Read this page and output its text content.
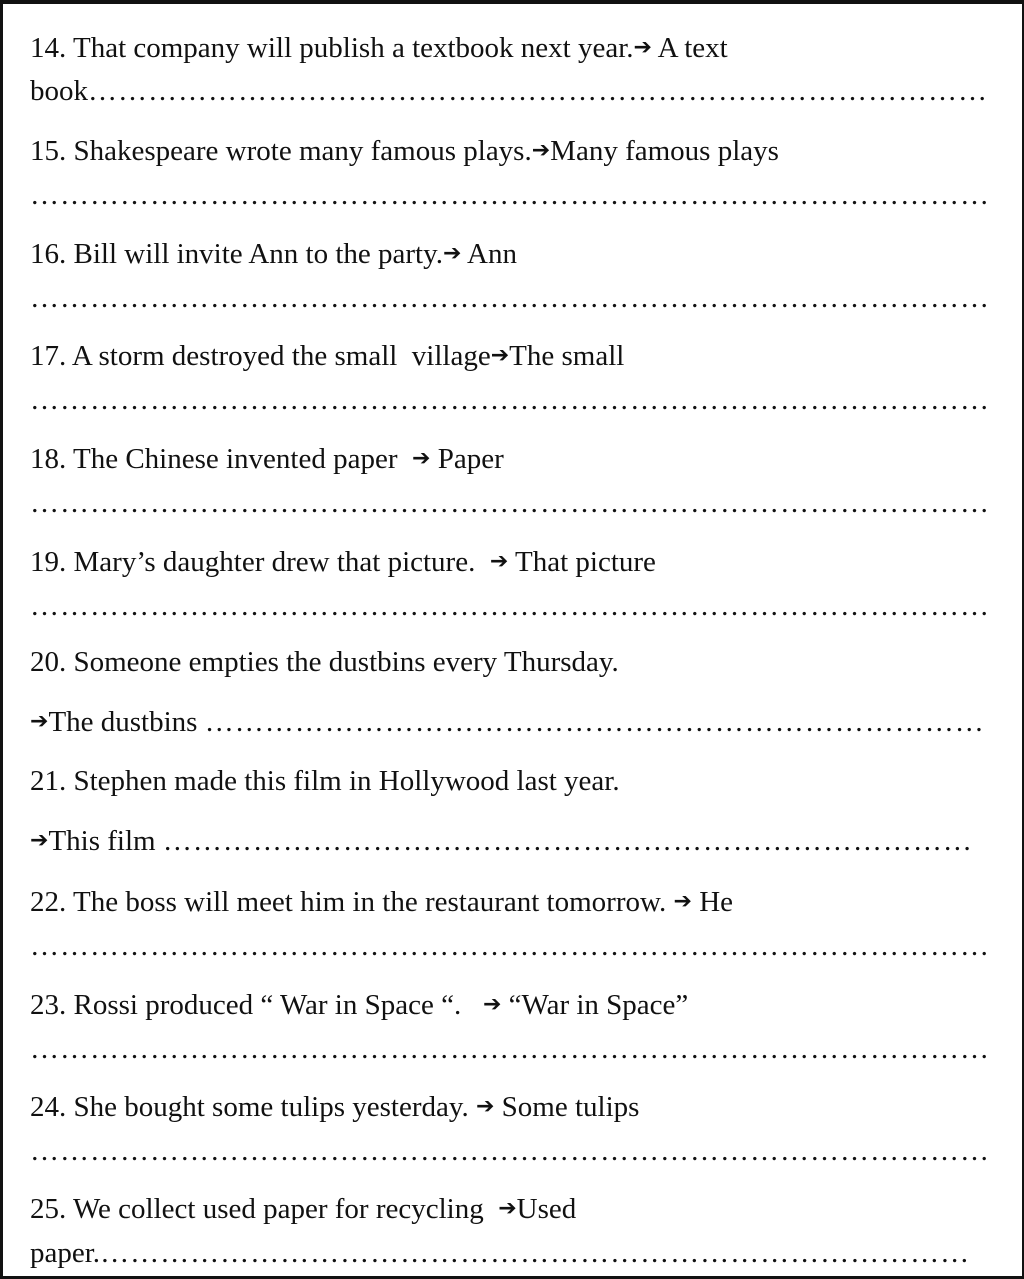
14. That company will publish a textbook next year.➔ A text
book………………………………………………………………………………
15. Shakespeare wrote many famous plays.➔Many famous plays
……………………………………………………………………………………
16. Bill will invite Ann to the party.➔ Ann
……………………………………………………………………………………
17. A storm destroyed the small  village➔The small
……………………………………………………………………………………
18. The Chinese invented paper ➔ Paper
……………………………………………………………………………………
19. Mary’s daughter drew that picture. ➔ That picture
……………………………………………………………………………………
20. Someone empties the dustbins every Thursday.
➔The dustbins ……………………………………………………………………
21. Stephen made this film in Hollywood last year.
➔This film ………………………………………………………………………
22. The boss will meet him in the restaurant tomorrow. ➔ He
……………………………………………………………………………………
23. Rossi produced “ War in Space “. ➔ “War in Space”
……………………………………………………………………………………
24. She bought some tulips yesterday. ➔ Some tulips
……………………………………………………………………………………
25. We collect used paper for recycling ➔Used
paper.……………………………………………………………………………
